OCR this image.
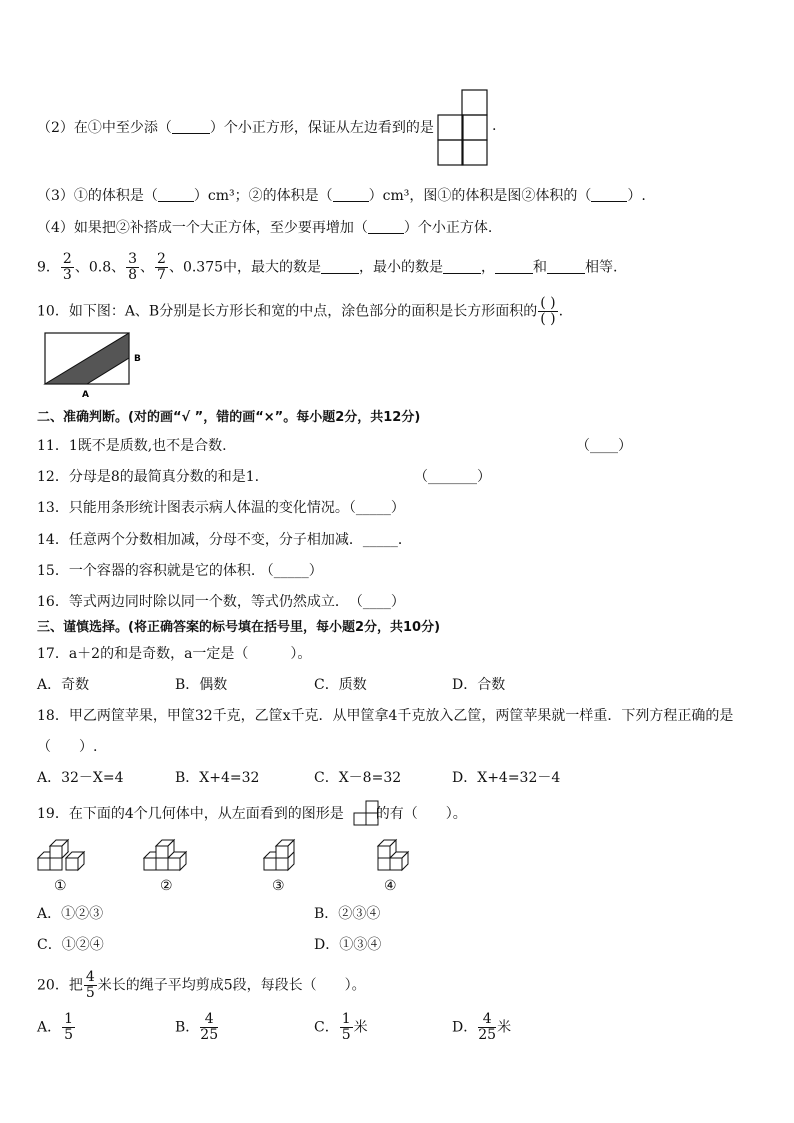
（2）在①中至少添（	）个小正方形，保证从左边看到的是	.
（3）①的体积是（	）cm³；②的体积是（	）cm³，图①的体积是图②体积的（	）.
（4）如果把②补搭成一个大正方体，至少要再增加（	）个小正方体.
9． $\frac{2}{3}$ 、0.8、 $\frac{3}{8}$ 、 $\frac{2}{7}$ 、0.375中，最大的数是	，最小的数是	，	和	相等.
10．如下图：A、B分别是长方形长和宽的中点，涂色部分的面积是长方形面积的 $\frac{( )}{( )}$ .
B
A
二、准确判断。(对的画“√ ”，错的画“×”。每小题2分，共12分)
11．1既不是质数,也不是合数.	（____）
12．分母是8的最简真分数的和是1.	（_______）
13．只能用条形统计图表示病人体温的变化情况。（_____）
14．任意两个分数相加减，分母不变，分子相加减．_____．
15．一个容器的容积就是它的体积. （_____）
16．等式两边同时除以同一个数，等式仍然成立．　（____）
三、谨慎选择。(将正确答案的标号填在括号里，每小题2分，共10分)
17．a＋2的和是奇数，a一定是（　　　）。
A．奇数	B．偶数	C．质数	D．合数
18．甲乙两筐苹果，甲筐32千克，乙筐x千克．从甲筐拿4千克放入乙筐，两筐苹果就一样重．下列方程正确的是
（　　）.
A．32－X=4	B．X+4=32	C．X－8=32	D．X+4=32－4
19．在下面的4个几何体中，从左面看到的图形是 的有（　　）。
①	②	③	④
A．①②③	B．②③④
C．①②④	D．①③④
20．把 $\frac{4}{5}$ 米长的绳子平均剪成5段，每段长（　　）。
A． $\frac{1}{5}$	B． $\frac{4}{25}$	C． $\frac{1}{5}$ 米	D． $\frac{4}{25}$ 米
